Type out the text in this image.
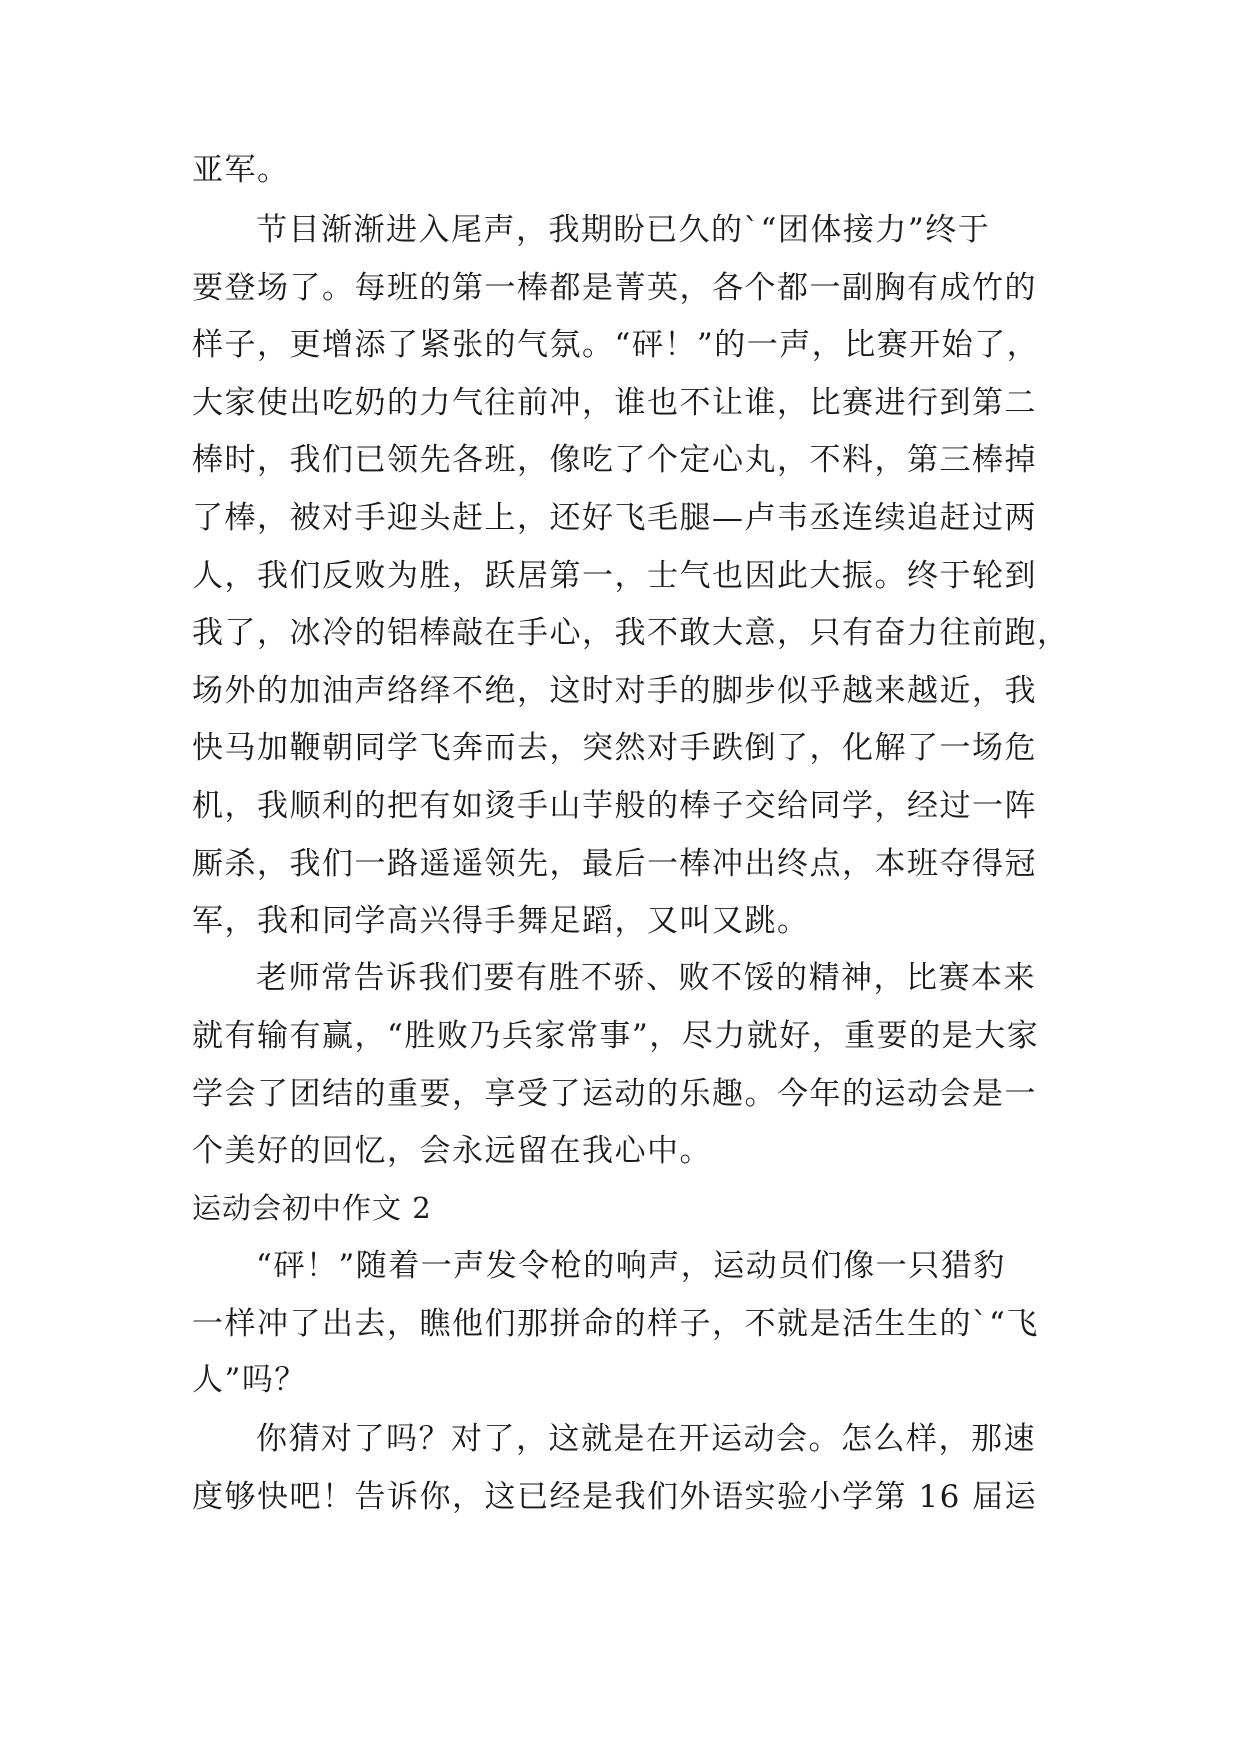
亚军。

节目渐渐进入尾声，我期盼已久的`“团体接力”终于

要登场了。每班的第一棒都是菁英，各个都一副胸有成竹的

样子，更增添了紧张的气氛。“砰！”的一声，比赛开始了，

大家使出吃奶的力气往前冲，谁也不让谁，比赛进行到第二

棒时，我们已领先各班，像吃了个定心丸，不料，第三棒掉

了棒，被对手迎头赶上，还好飞毛腿—卢韦丞连续追赶过两

人，我们反败为胜，跃居第一，士气也因此大振。终于轮到

我了，冰冷的铝棒敲在手心，我不敢大意，只有奋力往前跑，

场外的加油声络绎不绝，这时对手的脚步似乎越来越近，我

快马加鞭朝同学飞奔而去，突然对手跌倒了，化解了一场危

机，我顺利的把有如烫手山芋般的棒子交给同学，经过一阵

厮杀，我们一路遥遥领先，最后一棒冲出终点，本班夺得冠

军，我和同学高兴得手舞足蹈，又叫又跳。

老师常告诉我们要有胜不骄、败不馁的精神，比赛本来

就有输有赢，“胜败乃兵家常事”，尽力就好，重要的是大家

学会了团结的重要，享受了运动的乐趣。今年的运动会是一

个美好的回忆，会永远留在我心中。

运动会初中作文 2

“砰！”随着一声发令枪的响声，运动员们像一只猎豹

一样冲了出去，瞧他们那拼命的样子，不就是活生生的`“飞

人”吗？

你猜对了吗？对了，这就是在开运动会。怎么样，那速

度够快吧！告诉你，这已经是我们外语实验小学第 16 届运
